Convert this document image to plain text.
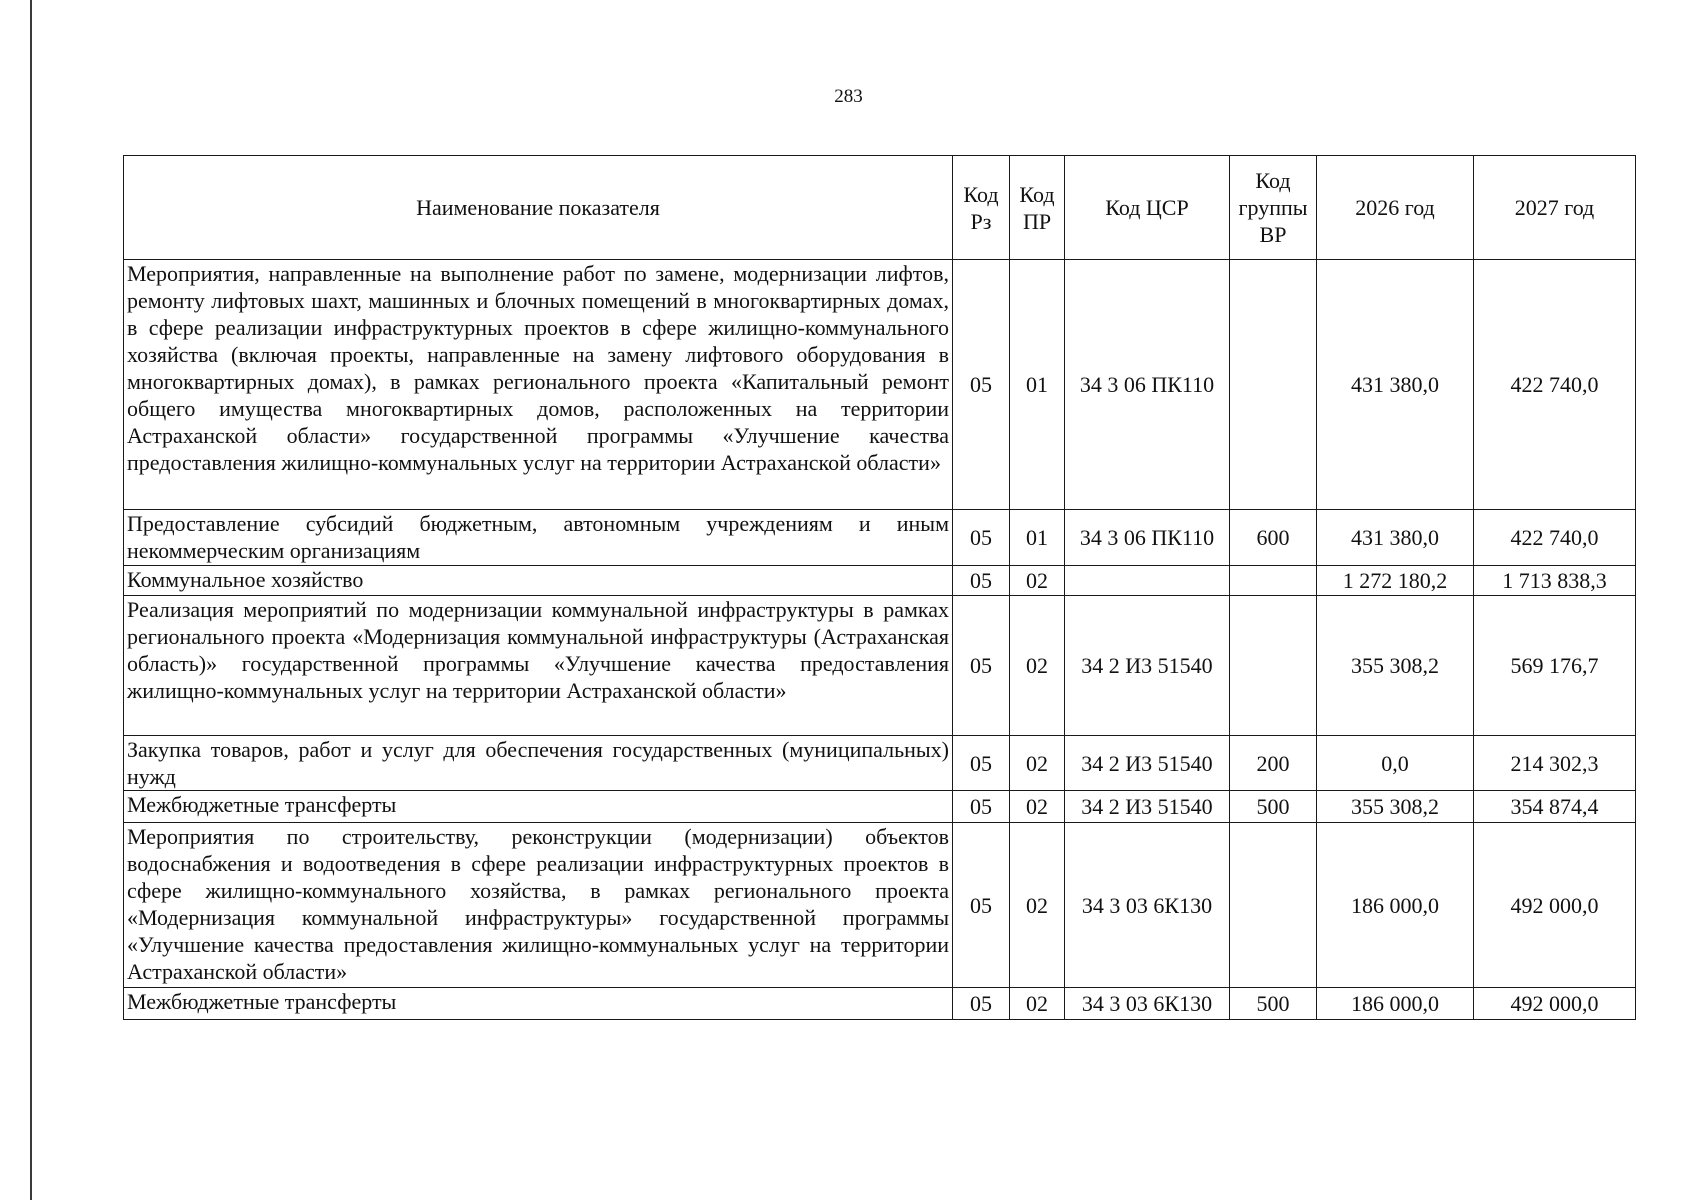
283
Наименование показателя	Код Рз	Код ПР	Код ЦСР	Код группы ВР	2026 год	2027 год
Мероприятия, направленные на выполнение работ по замене, модернизации лифтов, ремонту лифтовых шахт, машинных и блочных помещений в многоквартирных домах, в сфере реализации инфраструктурных проектов в сфере жилищно-коммунального хозяйства (включая проекты, направленные на замену лифтового оборудования в многоквартирных домах), в рамках регионального проекта «Капитальный ремонт общего имущества многоквартирных домов, расположенных на территории Астраханской области» государственной программы «Улучшение качества предоставления жилищно-коммунальных услуг на территории Астраханской области»	05	01	34 3 06 ПК110		431 380,0	422 740,0
Предоставление субсидий бюджетным, автономным учреждениям и иным некоммерческим организациям	05	01	34 3 06 ПК110	600	431 380,0	422 740,0
Коммунальное хозяйство	05	02			1 272 180,2	1 713 838,3
Реализация мероприятий по модернизации коммунальной инфраструктуры в рамках регионального проекта «Модернизация коммунальной инфраструктуры (Астраханская область)» государственной программы «Улучшение качества предоставления жилищно-коммунальных услуг на территории Астраханской области»	05	02	34 2 И3 51540		355 308,2	569 176,7
Закупка товаров, работ и услуг для обеспечения государственных (муниципальных) нужд	05	02	34 2 И3 51540	200	0,0	214 302,3
Межбюджетные трансферты	05	02	34 2 И3 51540	500	355 308,2	354 874,4
Мероприятия по строительству, реконструкции (модернизации) объектов водоснабжения и водоотведения в сфере реализации инфраструктурных проектов в сфере жилищно-коммунального хозяйства, в рамках регионального проекта «Модернизация коммунальной инфраструктуры» государственной программы «Улучшение качества предоставления жилищно-коммунальных услуг на территории Астраханской области»	05	02	34 3 03 6К130		186 000,0	492 000,0
Межбюджетные трансферты	05	02	34 3 03 6К130	500	186 000,0	492 000,0
